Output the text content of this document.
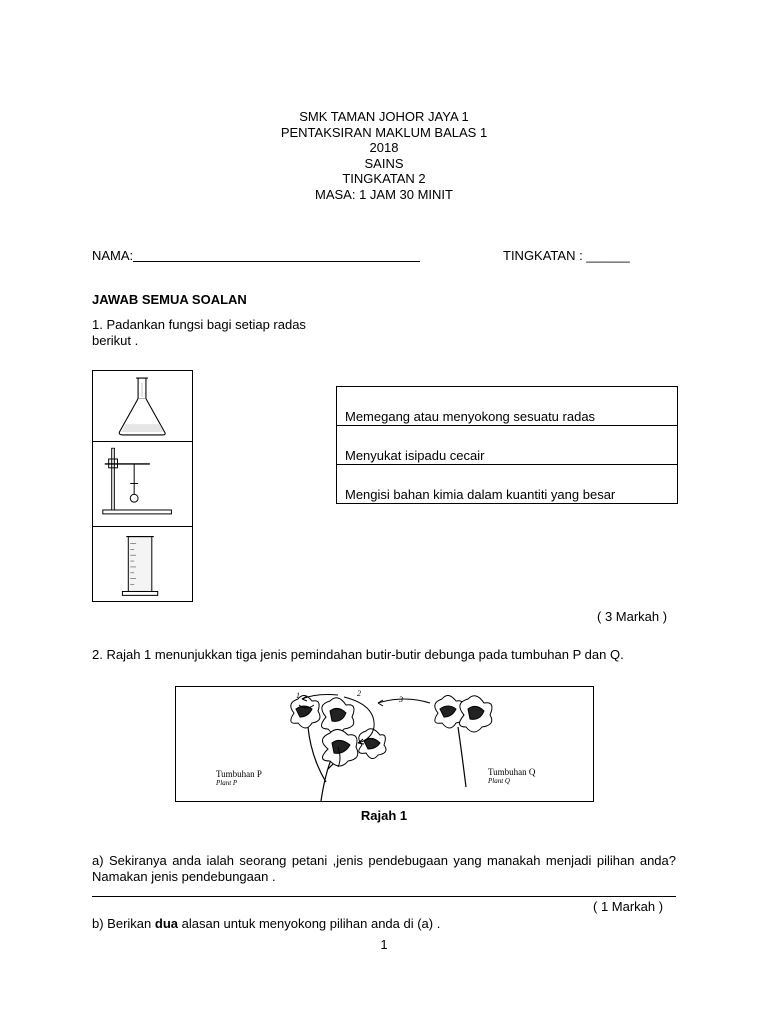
SMK TAMAN JOHOR JAYA 1
PENTAKSIRAN MAKLUM BALAS 1
2018
SAINS
TINGKATAN 2
MASA: 1 JAM 30 MINIT
NAMA:	TINGKATAN : ______
JAWAB SEMUA SOALAN
1. Padankan fungsi bagi setiap radas
berikut .
Memegang atau menyokong sesuatu radas
Menyukat isipadu cecair
Mengisi bahan kimia dalam kuantiti yang besar
( 3 Markah )
2. Rajah 1 menunjukkan tiga jenis pemindahan butir-butir debunga pada tumbuhan P dan Q.
1	2
3
Tumbuhan P
Plant P
Tumbuhan Q
Plant Q
Rajah 1
a) Sekiranya anda ialah seorang petani ,jenis pendebugaan yang manakah menjadi pilihan anda? Namakan jenis pendebungaan .
( 1 Markah )
b) Berikan dua alasan untuk menyokong pilihan anda di (a) .
1
